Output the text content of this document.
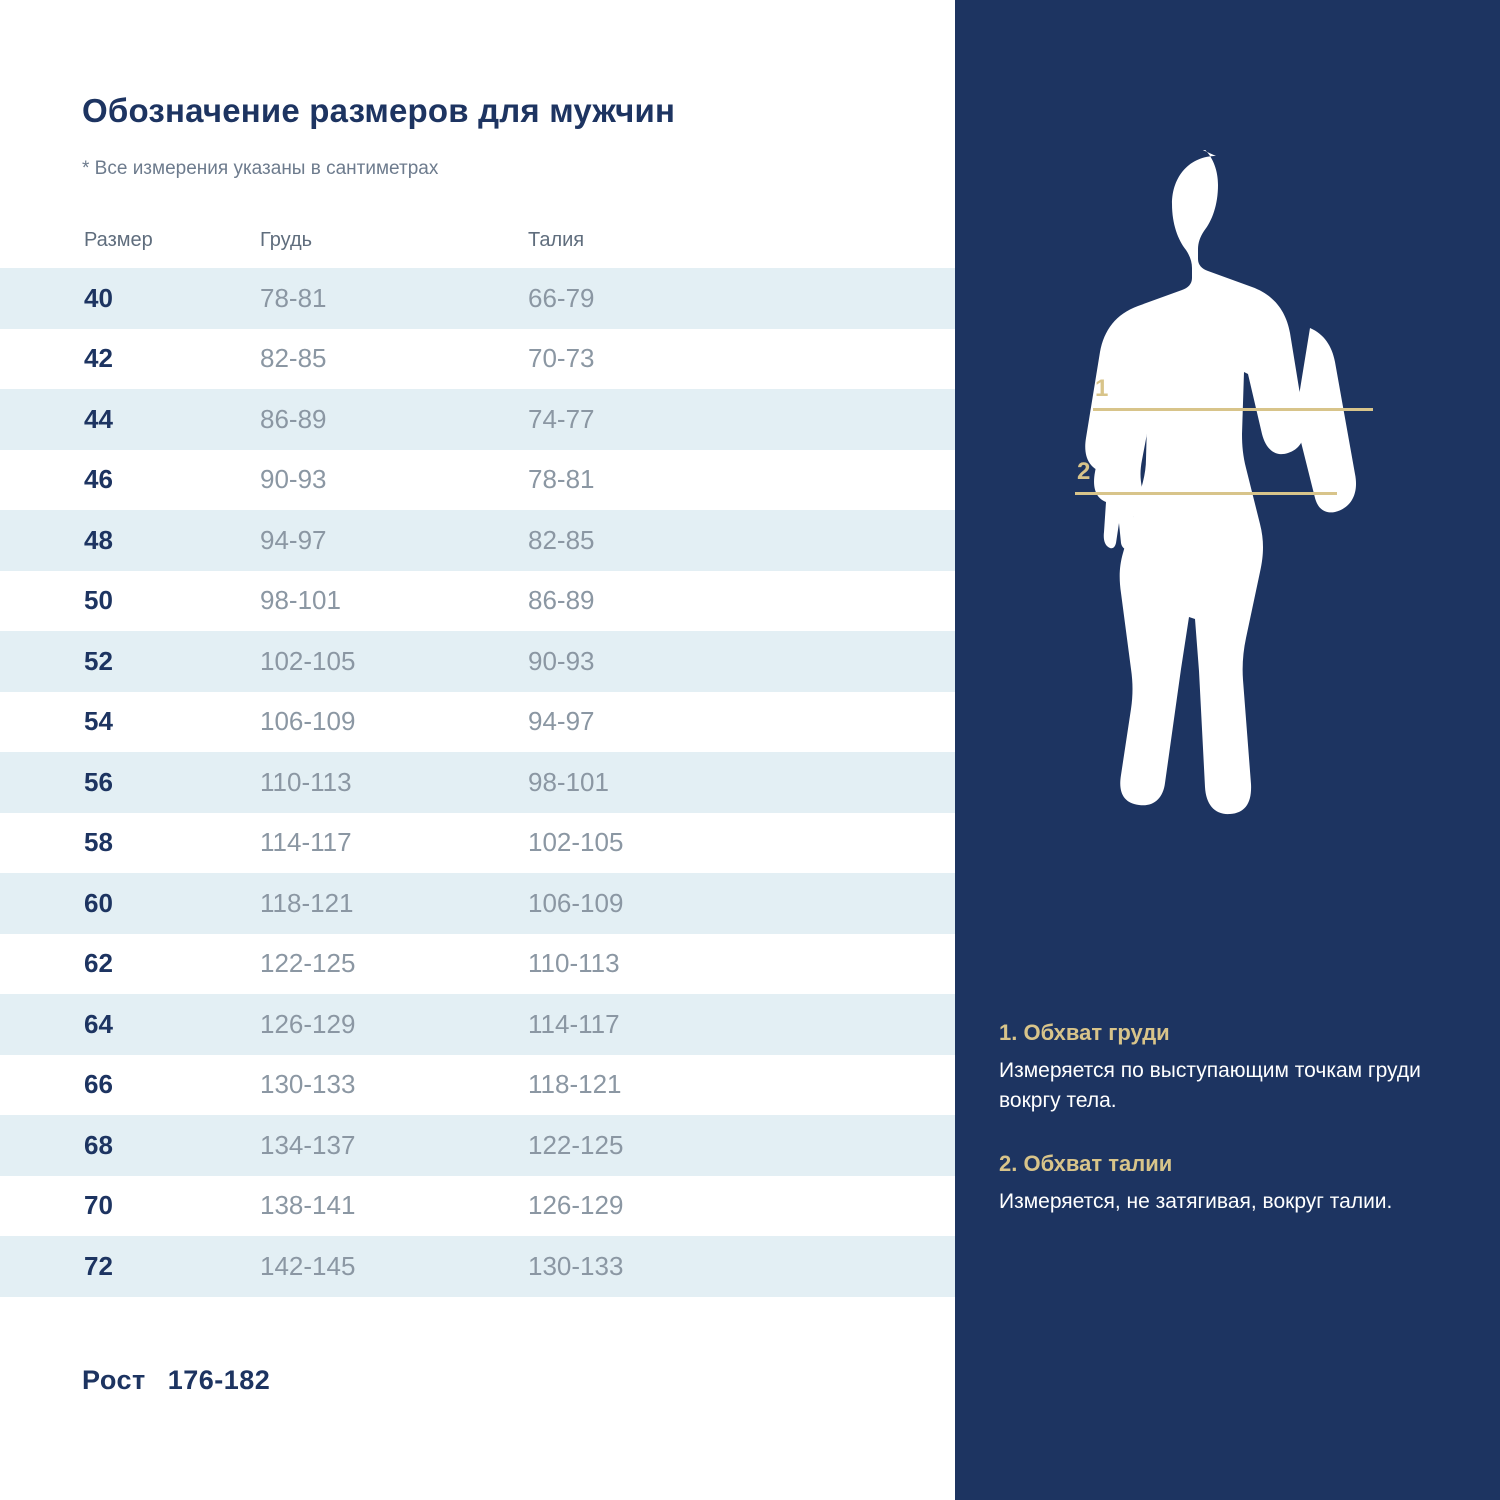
Обозначение размеров для мужчин
* Все измерения указаны в сантиметрах
Размер	Грудь	Талия
40	78-81	66-79
42	82-85	70-73
44	86-89	74-77
46	90-93	78-81
48	94-97	82-85
50	98-101	86-89
52	102-105	90-93
54	106-109	94-97
56	110-113	98-101
58	114-117	102-105
60	118-121	106-109
62	122-125	110-113
64	126-129	114-117
66	130-133	118-121
68	134-137	122-125
70	138-141	126-129
72	142-145	130-133
Рост 176-182
1
2
1. Обхват груди
Измеряется по выступающим точкам груди вокргу тела.
2. Обхват талии
Измеряется, не затягивая, вокруг талии.
